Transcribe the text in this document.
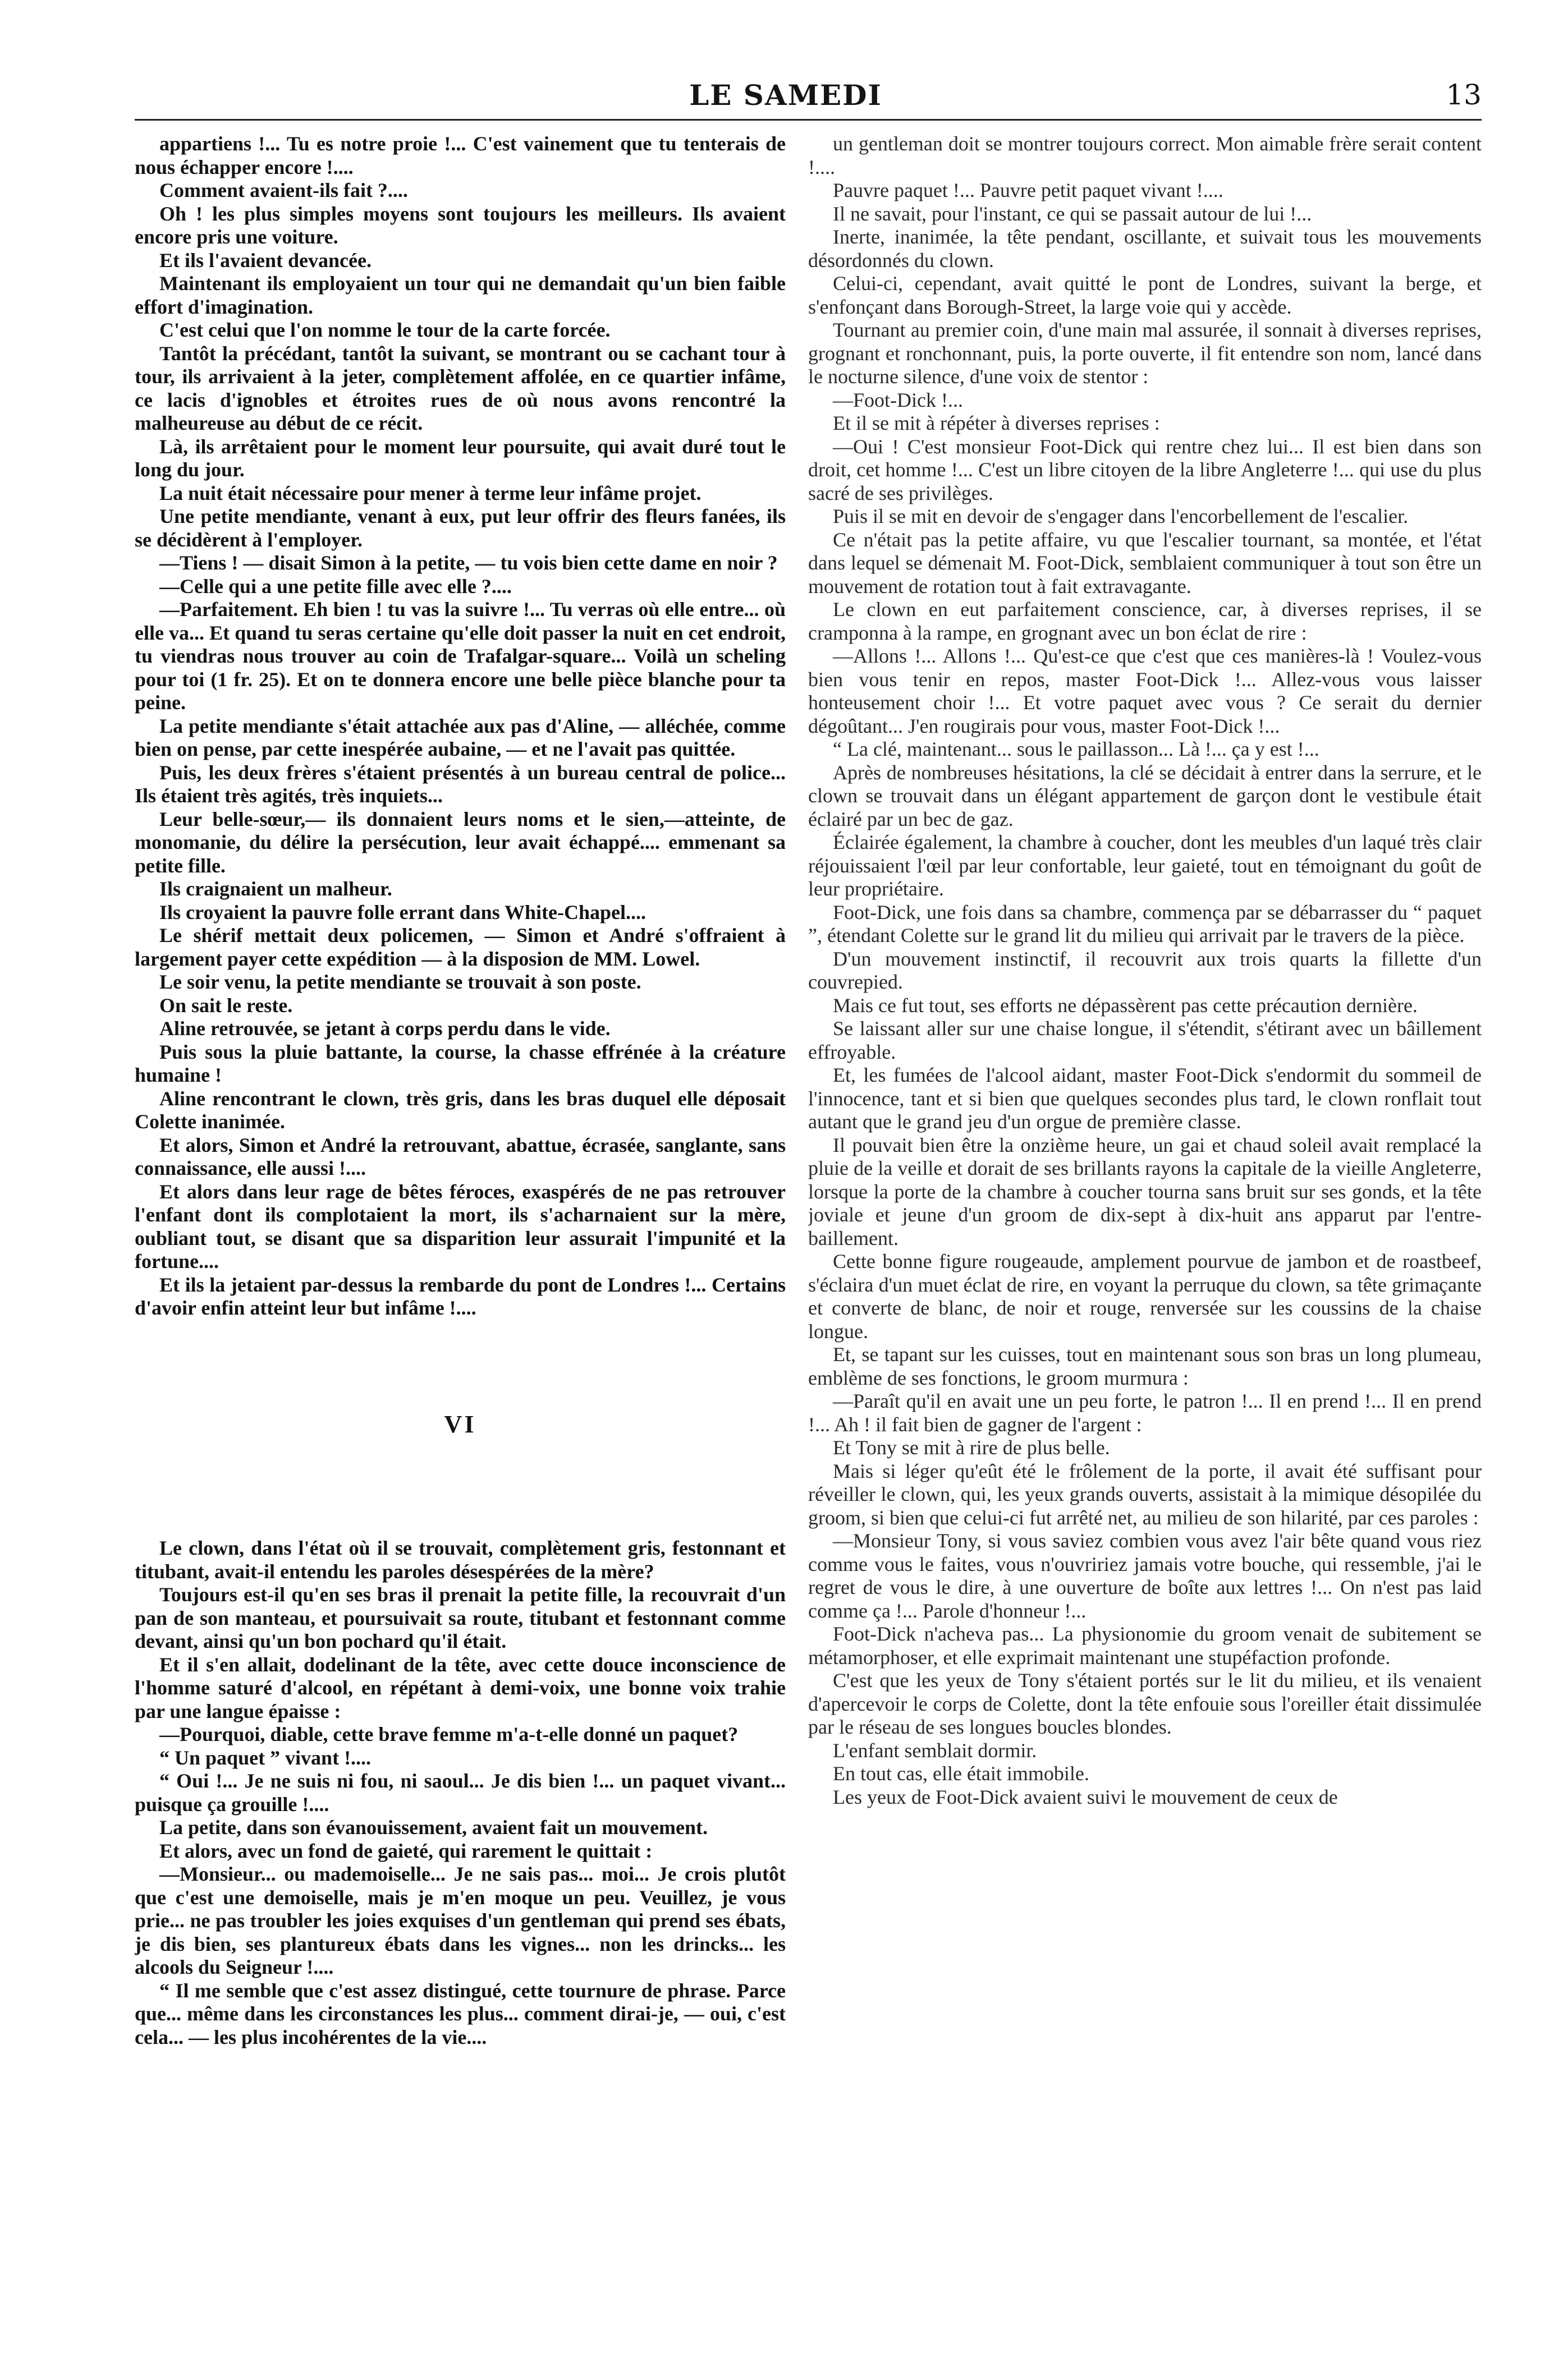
LE SAMEDI	13

appartiens !... Tu es notre proie !... C'est vainement que tu tenterais de nous échapper encore !....

Comment avaient-ils fait ?....

Oh ! les plus simples moyens sont toujours les meilleurs. Ils avaient encore pris une voiture.

Et ils l'avaient devancée.

Maintenant ils employaient un tour qui ne demandait qu'un bien faible effort d'imagination.

C'est celui que l'on nomme le tour de la carte forcée.

Tantôt la précédant, tantôt la suivant, se montrant ou se cachant tour à tour, ils arrivaient à la jeter, complètement affolée, en ce quartier infâme, ce lacis d'ignobles et étroites rues de où nous avons rencontré la malheureuse au début de ce récit.

Là, ils arrêtaient pour le moment leur poursuite, qui avait duré tout le long du jour.

La nuit était nécessaire pour mener à terme leur infâme projet.

Une petite mendiante, venant à eux, put leur offrir des fleurs fanées, ils se décidèrent à l'employer.

—Tiens ! — disait Simon à la petite, — tu vois bien cette dame en noir ?

—Celle qui a une petite fille avec elle ?....

—Parfaitement. Eh bien ! tu vas la suivre !... Tu verras où elle entre... où elle va... Et quand tu seras certaine qu'elle doit passer la nuit en cet endroit, tu viendras nous trouver au coin de Trafalgar-square... Voilà un scheling pour toi (1 fr. 25). Et on te donnera encore une belle pièce blanche pour ta peine.

La petite mendiante s'était attachée aux pas d'Aline, — alléchée, comme bien on pense, par cette inespérée aubaine, — et ne l'avait pas quittée.

Puis, les deux frères s'étaient présentés à un bureau central de police... Ils étaient très agités, très inquiets...

Leur belle-sœur,— ils donnaient leurs noms et le sien,—atteinte, de monomanie, du délire la persécution, leur avait échappé.... emmenant sa petite fille.

Ils craignaient un malheur.

Ils croyaient la pauvre folle errant dans White-Chapel....

Le shérif mettait deux policemen, — Simon et André s'offraient à largement payer cette expédition — à la disposion de MM. Lowel.

Le soir venu, la petite mendiante se trouvait à son poste.

On sait le reste.

Aline retrouvée, se jetant à corps perdu dans le vide.

Puis sous la pluie battante, la course, la chasse effrénée à la créature humaine !

Aline rencontrant le clown, très gris, dans les bras duquel elle déposait Colette inanimée.

Et alors, Simon et André la retrouvant, abattue, écrasée, sanglante, sans connaissance, elle aussi !....

Et alors dans leur rage de bêtes féroces, exaspérés de ne pas retrouver l'enfant dont ils complotaient la mort, ils s'acharnaient sur la mère, oubliant tout, se disant que sa disparition leur assurait l'impunité et la fortune....

Et ils la jetaient par-dessus la rembarde du pont de Londres !... Certains d'avoir enfin atteint leur but infâme !....

VI

Le clown, dans l'état où il se trouvait, complètement gris, festonnant et titubant, avait-il entendu les paroles désespérées de la mère?

Toujours est-il qu'en ses bras il prenait la petite fille, la recouvrait d'un pan de son manteau, et poursuivait sa route, titubant et festonnant comme devant, ainsi qu'un bon pochard qu'il était.

Et il s'en allait, dodelinant de la tête, avec cette douce inconscience de l'homme saturé d'alcool, en répétant à demi-voix, une bonne voix trahie par une langue épaisse :

—Pourquoi, diable, cette brave femme m'a-t-elle donné un paquet?

“ Un paquet ” vivant !....

“ Oui !... Je ne suis ni fou, ni saoul... Je dis bien !... un paquet vivant... puisque ça grouille !....

La petite, dans son évanouissement, avaient fait un mouvement.

Et alors, avec un fond de gaieté, qui rarement le quittait :

—Monsieur... ou mademoiselle... Je ne sais pas... moi... Je crois plutôt que c'est une demoiselle, mais je m'en moque un peu. Veuillez, je vous prie... ne pas troubler les joies exquises d'un gentleman qui prend ses ébats, je dis bien, ses plantureux ébats dans les vignes... non les drincks... les alcools du Seigneur !....

“ Il me semble que c'est assez distingué, cette tournure de phrase. Parce que... même dans les circonstances les plus... comment dirai-je, — oui, c'est cela... — les plus incohérentes de la vie....

un gentleman doit se montrer toujours correct. Mon aimable frère serait content !....

Pauvre paquet !... Pauvre petit paquet vivant !....

Il ne savait, pour l'instant, ce qui se passait autour de lui !...

Inerte, inanimée, la tête pendant, oscillante, et suivait tous les mouvements désordonnés du clown.

Celui-ci, cependant, avait quitté le pont de Londres, suivant la berge, et s'enfonçant dans Borough-Street, la large voie qui y accède.

Tournant au premier coin, d'une main mal assurée, il sonnait à diverses reprises, grognant et ronchonnant, puis, la porte ouverte, il fit entendre son nom, lancé dans le nocturne silence, d'une voix de stentor :

—Foot-Dick !...

Et il se mit à répéter à diverses reprises :

—Oui ! C'est monsieur Foot-Dick qui rentre chez lui... Il est bien dans son droit, cet homme !... C'est un libre citoyen de la libre Angleterre !... qui use du plus sacré de ses privilèges.

Puis il se mit en devoir de s'engager dans l'encorbellement de l'escalier.

Ce n'était pas la petite affaire, vu que l'escalier tournant, sa montée, et l'état dans lequel se démenait M. Foot-Dick, semblaient communiquer à tout son être un mouvement de rotation tout à fait extravagante.

Le clown en eut parfaitement conscience, car, à diverses reprises, il se cramponna à la rampe, en grognant avec un bon éclat de rire :

—Allons !... Allons !... Qu'est-ce que c'est que ces manières-là ! Voulez-vous bien vous tenir en repos, master Foot-Dick !... Allez-vous vous laisser honteusement choir !... Et votre paquet avec vous ? Ce serait du dernier dégoûtant... J'en rougirais pour vous, master Foot-Dick !...

“ La clé, maintenant... sous le paillasson... Là !... ça y est !...

Après de nombreuses hésitations, la clé se décidait à entrer dans la serrure, et le clown se trouvait dans un élégant appartement de garçon dont le vestibule était éclairé par un bec de gaz.

Éclairée également, la chambre à coucher, dont les meubles d'un laqué très clair réjouissaient l'œil par leur confortable, leur gaieté, tout en témoignant du goût de leur propriétaire.

Foot-Dick, une fois dans sa chambre, commença par se débarrasser du “ paquet ”, étendant Colette sur le grand lit du milieu qui arrivait par le travers de la pièce.

D'un mouvement instinctif, il recouvrit aux trois quarts la fillette d'un couvrepied.

Mais ce fut tout, ses efforts ne dépassèrent pas cette précaution dernière.

Se laissant aller sur une chaise longue, il s'étendit, s'étirant avec un bâillement effroyable.

Et, les fumées de l'alcool aidant, master Foot-Dick s'endormit du sommeil de l'innocence, tant et si bien que quelques secondes plus tard, le clown ronflait tout autant que le grand jeu d'un orgue de première classe.

Il pouvait bien être la onzième heure, un gai et chaud soleil avait remplacé la pluie de la veille et dorait de ses brillants rayons la capitale de la vieille Angleterre, lorsque la porte de la chambre à coucher tourna sans bruit sur ses gonds, et la tête joviale et jeune d'un groom de dix-sept à dix-huit ans apparut par l'entre-baillement.

Cette bonne figure rougeaude, amplement pourvue de jambon et de roastbeef, s'éclaira d'un muet éclat de rire, en voyant la perruque du clown, sa tête grimaçante et converte de blanc, de noir et rouge, renversée sur les coussins de la chaise longue.

Et, se tapant sur les cuisses, tout en maintenant sous son bras un long plumeau, emblème de ses fonctions, le groom murmura :

—Paraît qu'il en avait une un peu forte, le patron !... Il en prend !... Il en prend !... Ah ! il fait bien de gagner de l'argent :

Et Tony se mit à rire de plus belle.

Mais si léger qu'eût été le frôlement de la porte, il avait été suffisant pour réveiller le clown, qui, les yeux grands ouverts, assistait à la mimique désopilée du groom, si bien que celui-ci fut arrêté net, au milieu de son hilarité, par ces paroles :

—Monsieur Tony, si vous saviez combien vous avez l'air bête quand vous riez comme vous le faites, vous n'ouvririez jamais votre bouche, qui ressemble, j'ai le regret de vous le dire, à une ouverture de boîte aux lettres !... On n'est pas laid comme ça !... Parole d'honneur !...

Foot-Dick n'acheva pas... La physionomie du groom venait de subitement se métamorphoser, et elle exprimait maintenant une stupéfaction profonde.

C'est que les yeux de Tony s'étaient portés sur le lit du milieu, et ils venaient d'apercevoir le corps de Colette, dont la tête enfouie sous l'oreiller était dissimulée par le réseau de ses longues boucles blondes.

L'enfant semblait dormir.

En tout cas, elle était immobile.

Les yeux de Foot-Dick avaient suivi le mouvement de ceux de
